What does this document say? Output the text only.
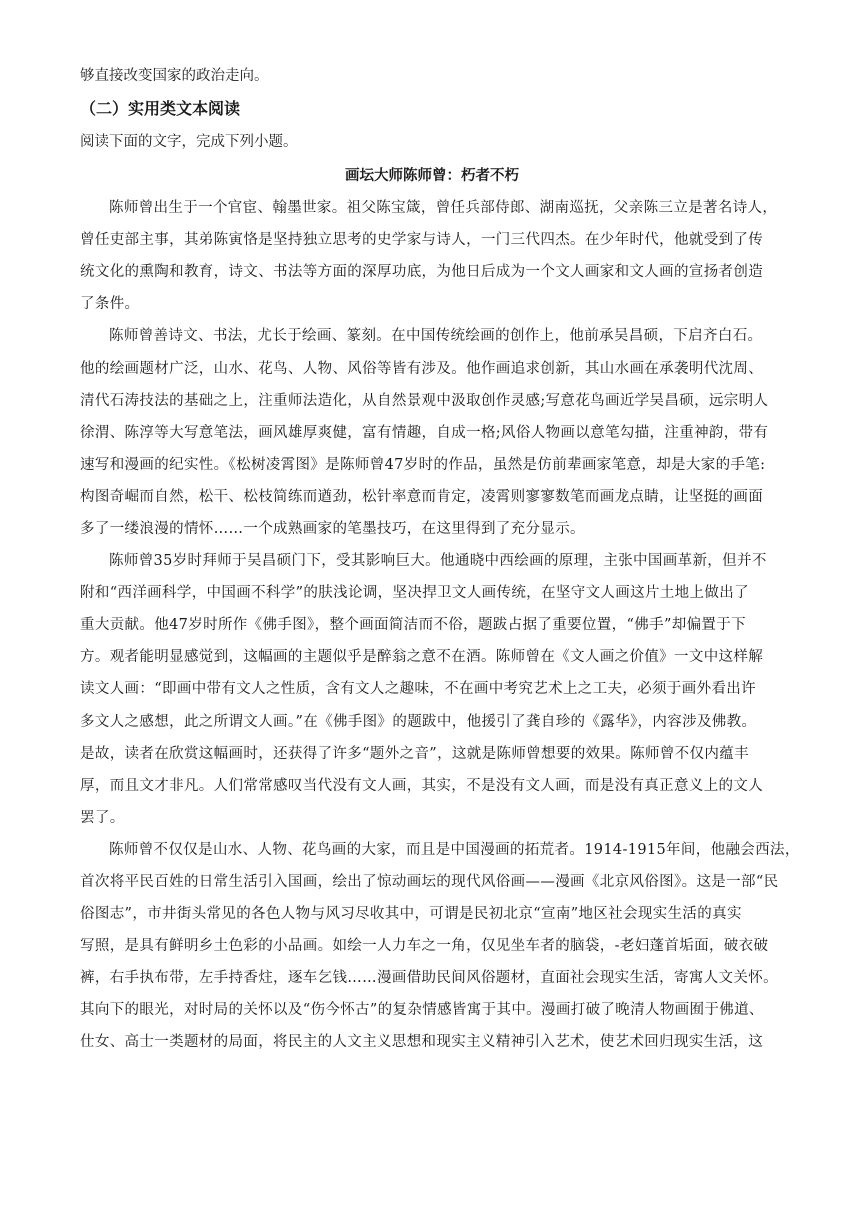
够直接改变国家的政治走向。

（二）实用类文本阅读
阅读下面的文字，完成下列小题。
画坛大师陈师曾：朽者不朽
陈师曾出生于一个官宦、翰墨世家。祖父陈宝箴，曾任兵部侍郎、湖南巡抚，父亲陈三立是著名诗人，
曾任吏部主事，其弟陈寅恪是坚持独立思考的史学家与诗人，一门三代四杰。在少年时代，他就受到了传
统文化的熏陶和教育，诗文、书法等方面的深厚功底，为他日后成为一个文人画家和文人画的宣扬者创造
了条件。
陈师曾善诗文、书法，尤长于绘画、篆刻。在中国传统绘画的创作上，他前承吴昌硕，下启齐白石。
他的绘画题材广泛，山水、花鸟、人物、风俗等皆有涉及。他作画追求创新，其山水画在承袭明代沈周、
清代石涛技法的基础之上，注重师法造化，从自然景观中汲取创作灵感;写意花鸟画近学吴昌硕，远宗明人
徐渭、陈淳等大写意笔法，画风雄厚爽健，富有情趣，自成一格;风俗人物画以意笔勾描，注重神韵，带有
速写和漫画的纪实性。《松树凌霄图》是陈师曾47岁时的作品，虽然是仿前辈画家笔意，却是大家的手笔:
构图奇崛而自然，松干、松枝简练而遒劲，松针率意而肯定，凌霄则寥寥数笔而画龙点睛，让坚挺的画面
多了一缕浪漫的情怀……一个成熟画家的笔墨技巧，在这里得到了充分显示。
陈师曾35岁时拜师于吴昌硕门下，受其影响巨大。他通晓中西绘画的原理，主张中国画革新，但并不
附和“西洋画科学，中国画不科学”的肤浅论调，坚决捍卫文人画传统，在坚守文人画这片土地上做出了
重大贡献。他47岁时所作《佛手图》，整个画面简洁而不俗，题跋占据了重要位置，“佛手”却偏置于下
方。观者能明显感觉到，这幅画的主题似乎是醉翁之意不在酒。陈师曾在《文人画之价值》一文中这样解
读文人画：“即画中带有文人之性质，含有文人之趣味，不在画中考究艺术上之工夫，必须于画外看出许
多文人之感想，此之所谓文人画。”在《佛手图》的题跋中，他援引了龚自珍的《露华》，内容涉及佛教。
是故，读者在欣赏这幅画时，还获得了许多“题外之音”，这就是陈师曾想要的效果。陈师曾不仅内蕴丰
厚，而且文才非凡。人们常常感叹当代没有文人画，其实，不是没有文人画，而是没有真正意义上的文人
罢了。
陈师曾不仅仅是山水、人物、花鸟画的大家，而且是中国漫画的拓荒者。1914-1915年间，他融会西法，
首次将平民百姓的日常生活引入国画，绘出了惊动画坛的现代风俗画——漫画《北京风俗图》。这是一部“民
俗图志”，市井街头常见的各色人物与风习尽收其中，可谓是民初北京“宣南”地区社会现实生活的真实
写照，是具有鲜明乡土色彩的小品画。如绘一人力车之一角，仅见坐车者的脑袋，-老妇蓬首垢面，破衣破
裤，右手执布带，左手持香炷，逐车乞钱……漫画借助民间风俗题材，直面社会现实生活，寄寓人文关怀。
其向下的眼光，对时局的关怀以及“伤今怀古”的复杂情感皆寓于其中。漫画打破了晚清人物画囿于佛道、
仕女、高士一类题材的局面，将民主的人文主义思想和现实主义精神引入艺术，使艺术回归现实生活，这
